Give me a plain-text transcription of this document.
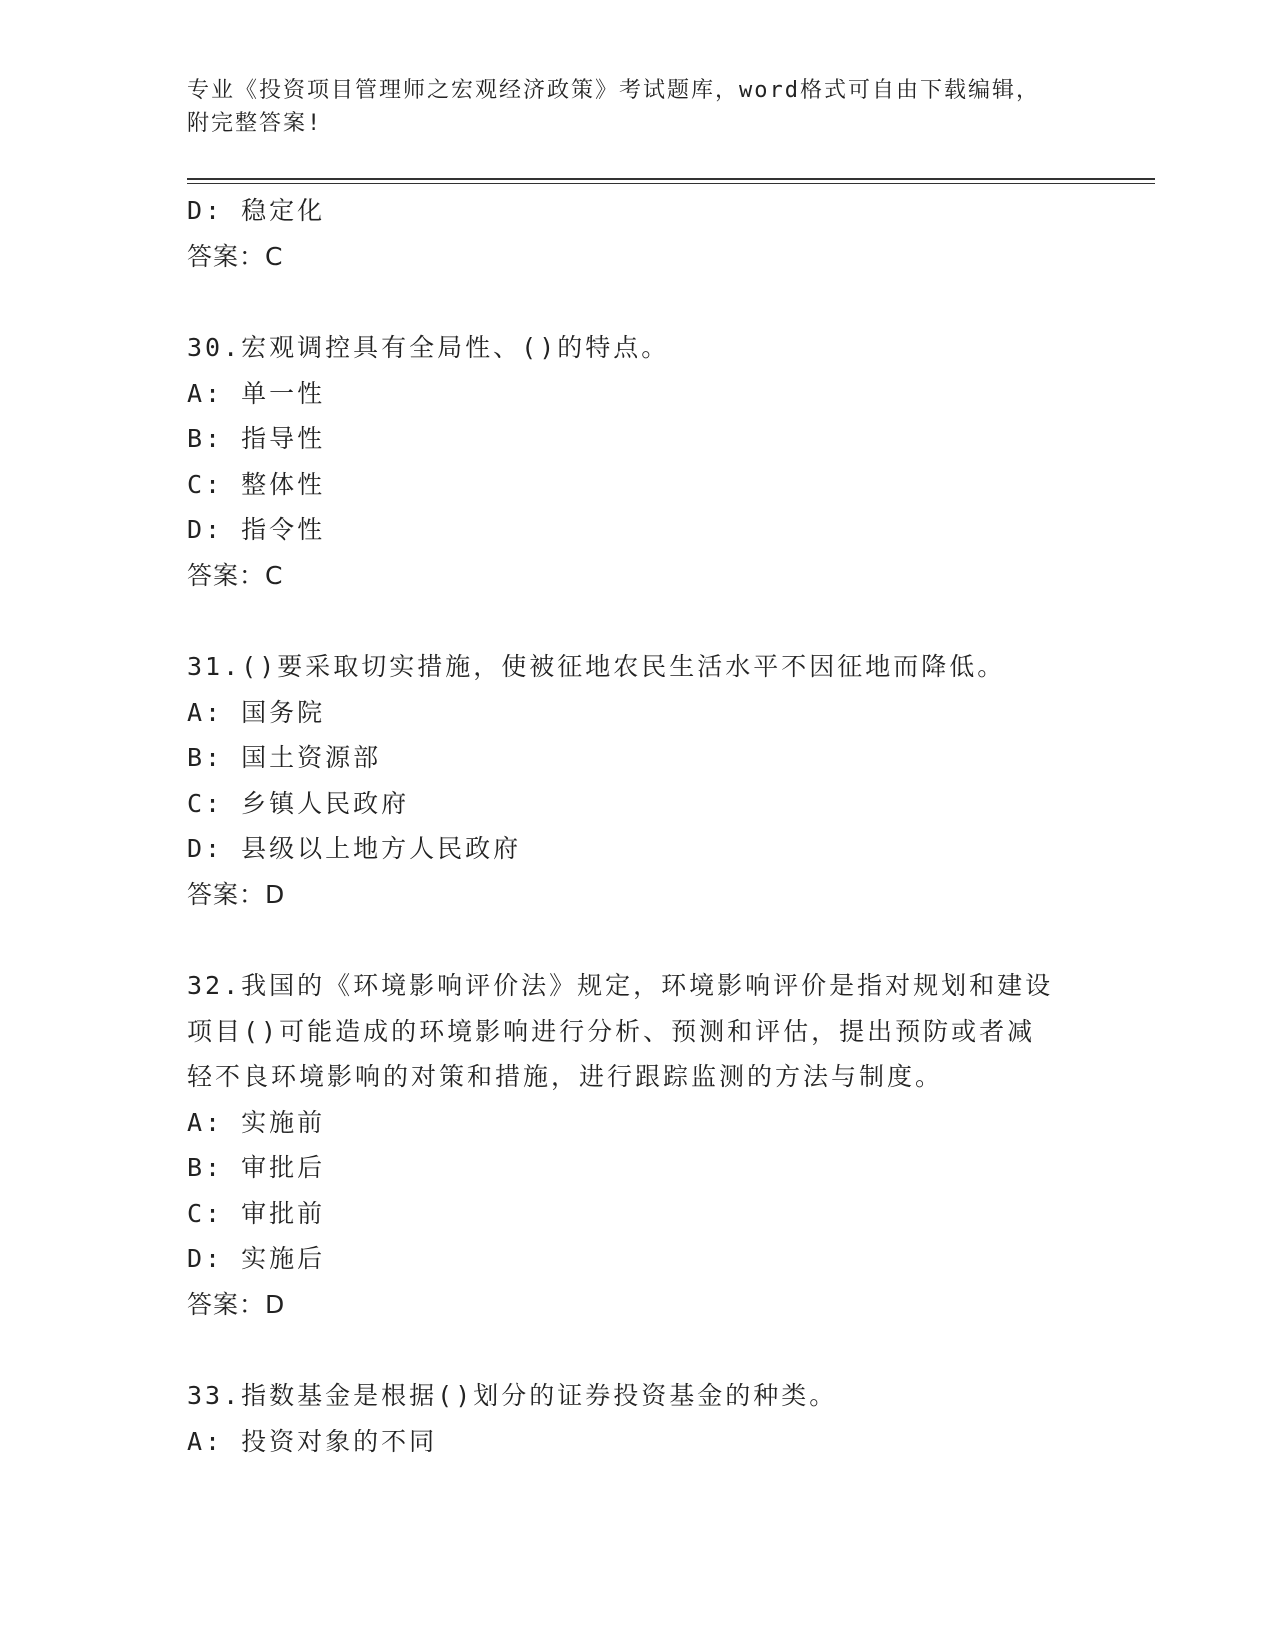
专业《投资项目管理师之宏观经济政策》考试题库，word格式可自由下载编辑，
附完整答案!
D: 稳定化
答案：C
30.宏观调控具有全局性、()的特点。
A: 单一性
B: 指导性
C: 整体性
D: 指令性
答案：C
31.()要采取切实措施，使被征地农民生活水平不因征地而降低。
A: 国务院
B: 国土资源部
C: 乡镇人民政府
D: 县级以上地方人民政府
答案：D
32.我国的《环境影响评价法》规定，环境影响评价是指对规划和建设
项目()可能造成的环境影响进行分析、预测和评估，提出预防或者减
轻不良环境影响的对策和措施，进行跟踪监测的方法与制度。
A: 实施前
B: 审批后
C: 审批前
D: 实施后
答案：D
33.指数基金是根据()划分的证券投资基金的种类。
A: 投资对象的不同
